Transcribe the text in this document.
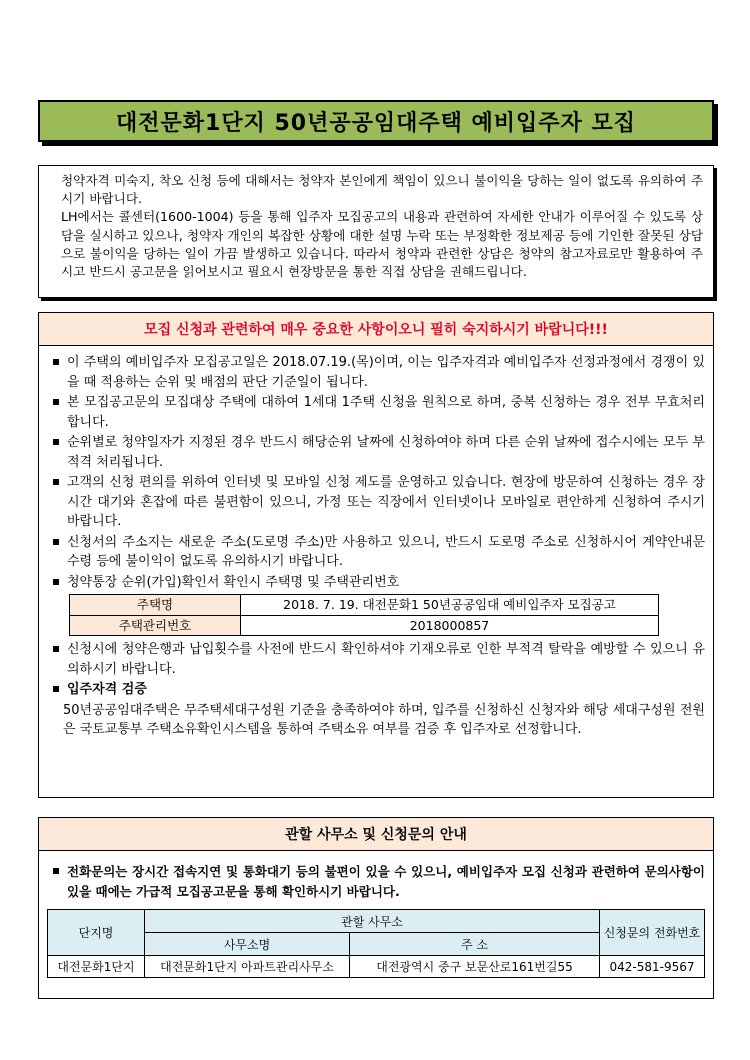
대전문화1단지 50년공공임대주택 예비입주자 모집

청약자격 미숙지, 착오 신청 등에 대해서는 청약자 본인에게 책임이 있으니 불이익을 당하는 일이 없도록 유의하여 주시기 바랍니다.

LH에서는 콜센터(1600-1004) 등을 통해 입주자 모집공고의 내용과 관련하여 자세한 안내가 이루어질 수 있도록 상담을 실시하고 있으나, 청약자 개인의 복잡한 상황에 대한 설명 누락 또는 부정확한 정보제공 등에 기인한 잘못된 상담으로 불이익을 당하는 일이 가끔 발생하고 있습니다. 따라서 청약과 관련한 상담은 청약의 참고자료로만 활용하여 주시고 반드시 공고문을 읽어보시고 필요시 현장방문을 통한 직접 상담을 권해드립니다.

모집 신청과 관련하여 매우 중요한 사항이오니 필히 숙지하시기 바랍니다!!!
이 주택의 예비입주자 모집공고일은 2018.07.19.(목)이며, 이는 입주자격과 예비입주자 선정과정에서 경쟁이 있을 때 적용하는 순위 및 배점의 판단 기준일이 됩니다.
본 모집공고문의 모집대상 주택에 대하여 1세대 1주택 신청을 원칙으로 하며, 중복 신청하는 경우 전부 무효처리 합니다.
순위별로 청약일자가 지정된 경우 반드시 해당순위 날짜에 신청하여야 하며 다른 순위 날짜에 접수시에는 모두 부적격 처리됩니다.
고객의 신청 편의를 위하여 인터넷 및 모바일 신청 제도를 운영하고 있습니다. 현장에 방문하여 신청하는 경우 장시간 대기와 혼잡에 따른 불편함이 있으니, 가정 또는 직장에서 인터넷이나 모바일로 편안하게 신청하여 주시기 바랍니다.
신청서의 주소지는 새로운 주소(도로명 주소)만 사용하고 있으니, 반드시 도로명 주소로 신청하시어 계약안내문 수령 등에 불이익이 없도록 유의하시기 바랍니다.
청약통장 순위(가입)확인서 확인시 주택명 및 주택관리번호
주택명	2018. 7. 19. 대전문화1 50년공공임대 예비입주자 모집공고
주택관리번호	2018000857
신청시에 청약은행과 납입횟수를 사전에 반드시 확인하셔야 기재오류로 인한 부적격 탈락을 예방할 수 있으니 유의하시기 바랍니다.
입주자격 검증
50년공공임대주택은 무주택세대구성원 기준을 충족하여야 하며, 입주를 신청하신 신청자와 해당 세대구성원 전원은 국토교통부 주택소유확인시스템을 통하여 주택소유 여부를 검증 후 입주자로 선정합니다.
관할 사무소 및 신청문의 안내
전화문의는 장시간 접속지연 및 통화대기 등의 불편이 있을 수 있으니, 예비입주자 모집 신청과 관련하여 문의사항이 있을 때에는 가급적 모집공고문을 통해 확인하시기 바랍니다.
단지명	관할 사무소		신청문의 전화번호
	사무소명	주 소	
대전문화1단지	대전문화1단지 아파트관리사무소	대전광역시 중구 보문산로161번길55	042-581-9567
